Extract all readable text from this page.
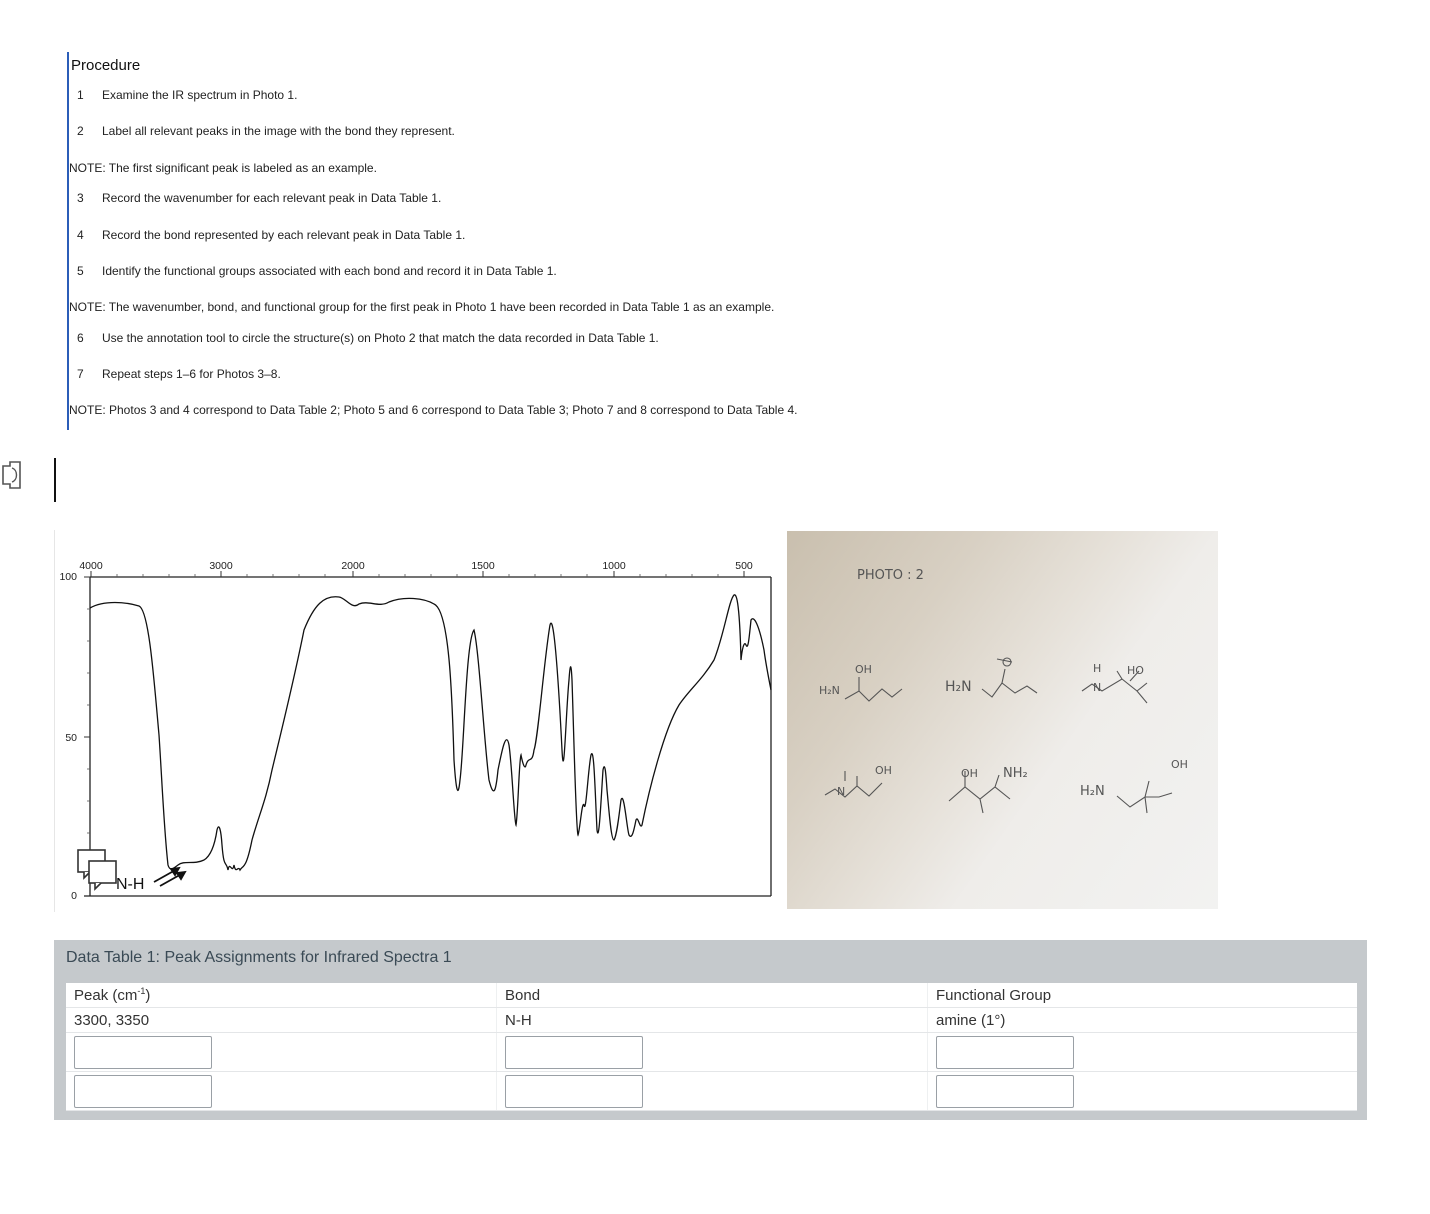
Procedure
1 Examine the IR spectrum in Photo 1.
2 Label all relevant peaks in the image with the bond they represent.
NOTE: The first significant peak is labeled as an example.
3 Record the wavenumber for each relevant peak in Data Table 1.
4 Record the bond represented by each relevant peak in Data Table 1.
5 Identify the functional groups associated with each bond and record it in Data Table 1.
NOTE: The wavenumber, bond, and functional group for the first peak in Photo 1 have been recorded in Data Table 1 as an example.
6 Use the annotation tool to circle the structure(s) on Photo 2 that match the data recorded in Data Table 1.
7 Repeat steps 1–6 for Photos 3–8.
NOTE: Photos 3 and 4 correspond to Data Table 2; Photo 5 and 6 correspond to Data Table 3; Photo 7 and 8 correspond to Data Table 4.
4000	3000	2000	1500	1000	500
100
50
0
N-H
PHOTO : 2
OH
H₂N	H₂N
H HO
N
OH
N
OH NH₂
OH
H₂N
Data Table 1: Peak Assignments for Infrared Spectra 1
Peak $(cm^{-1})$	Bond	Functional Group
3300, 3350	N-H	amine (1°)
